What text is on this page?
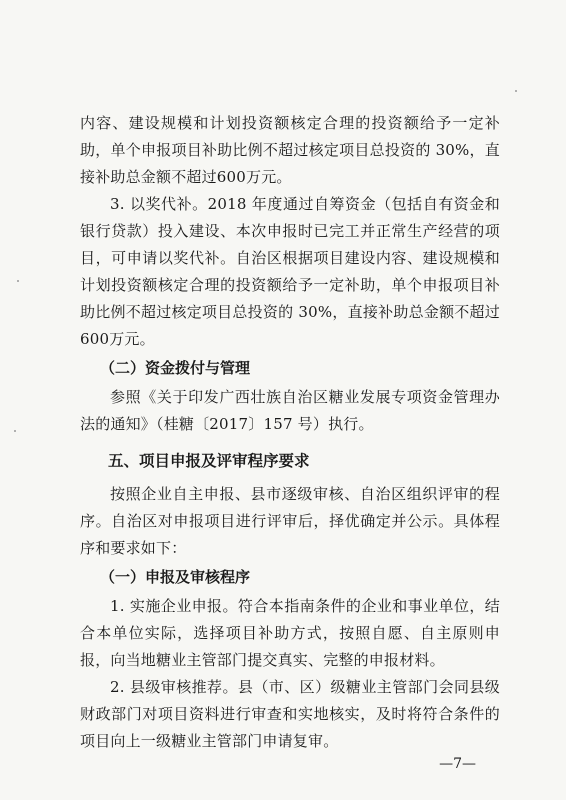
内容、建设规模和计划投资额核定合理的投资额给予一定补助，单个申报项目补助比例不超过核定项目总投资的 30%，直接补助总金额不超过600万元。

3. 以奖代补。2018 年度通过自筹资金（包括自有资金和银行贷款）投入建设、本次申报时已完工并正常生产经营的项目，可申请以奖代补。自治区根据项目建设内容、建设规模和计划投资额核定合理的投资额给予一定补助，单个申报项目补助比例不超过核定项目总投资的 30%，直接补助总金额不超过600万元。

（二）资金拨付与管理

参照《关于印发广西壮族自治区糖业发展专项资金管理办法的通知》（桂糖〔2017〕157 号）执行。

五、项目申报及评审程序要求

按照企业自主申报、县市逐级审核、自治区组织评审的程序。自治区对申报项目进行评审后，择优确定并公示。具体程序和要求如下：

（一）申报及审核程序

1. 实施企业申报。符合本指南条件的企业和事业单位，结合本单位实际，选择项目补助方式，按照自愿、自主原则申报，向当地糖业主管部门提交真实、完整的申报材料。

2. 县级审核推荐。县（市、区）级糖业主管部门会同县级财政部门对项目资料进行审查和实地核实，及时将符合条件的项目向上一级糖业主管部门申请复审。

—7—
